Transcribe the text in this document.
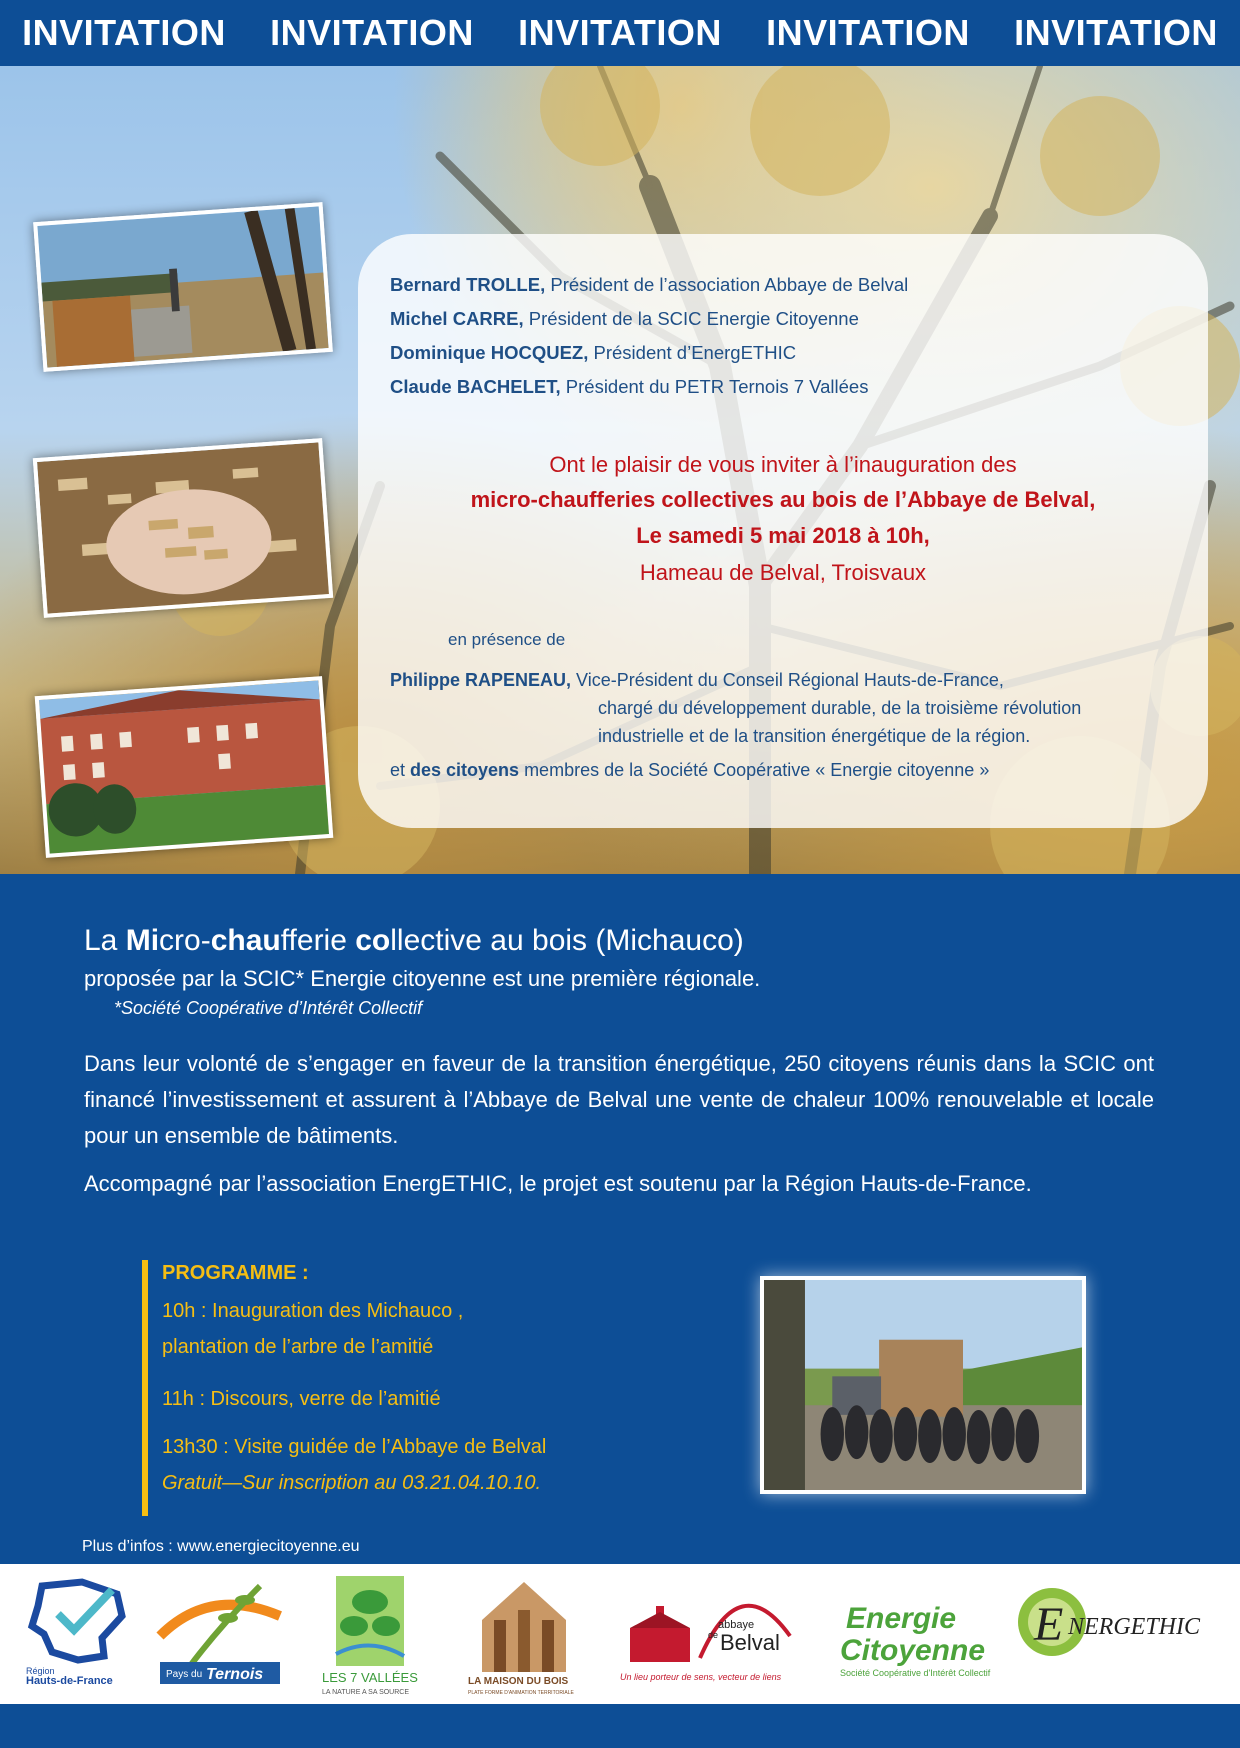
INVITATION INVITATION INVITATION INVITATION INVITATION
Bernard TROLLE, Président de l’association Abbaye de Belval
Michel CARRE, Président de la SCIC Energie Citoyenne
Dominique HOCQUEZ, Président d’EnergETHIC
Claude BACHELET, Président du PETR Ternois 7 Vallées
Ont le plaisir de vous inviter à l’inauguration des
micro-chaufferies collectives au bois de l’Abbaye de Belval,
Le samedi 5 mai 2018 à 10h,
Hameau de Belval, Troisvaux
en présence de
Philippe RAPENEAU, Vice-Président du Conseil Régional Hauts-de-France,
chargé du développement durable, de la troisième révolution
industrielle et de la transition énergétique de la région.
et des citoyens membres de la Société Coopérative « Energie citoyenne »
La Micro-chaufferie collective au bois (Michauco)
proposée par la SCIC* Energie citoyenne est une première régionale.
*Société Coopérative d’Intérêt Collectif
Dans leur volonté de s’engager en faveur de la transition énergétique, 250 citoyens réunis dans la SCIC ont financé l’investissement et assurent à l’Abbaye de Belval une vente de chaleur 100% renouvelable et locale pour un ensemble de bâtiments.
Accompagné par l’association EnergETHIC, le projet est soutenu par la Région Hauts-de-France.
PROGRAMME :
10h : Inauguration des Michauco ,
plantation de l’arbre de l’amitié
11h : Discours, verre de l’amitié
13h30 : Visite guidée de l’Abbaye de Belval
Gratuit—Sur inscription au 03.21.04.10.10.
Plus d’infos : www.energiecitoyenne.eu
Région
Hauts-de-France
Pays du Ternois	LES 7 VALLÉES
LA NATURE A SA SOURCE
LA MAISON DU BOIS
PLATE FORME D'ANIMATION TERRITORIALE
abbaye
de Belval
Un lieu porteur de sens, vecteur de liens
Energie
Citoyenne
Société Coopérative d'Intérêt Collectif
E NERGETHIC
